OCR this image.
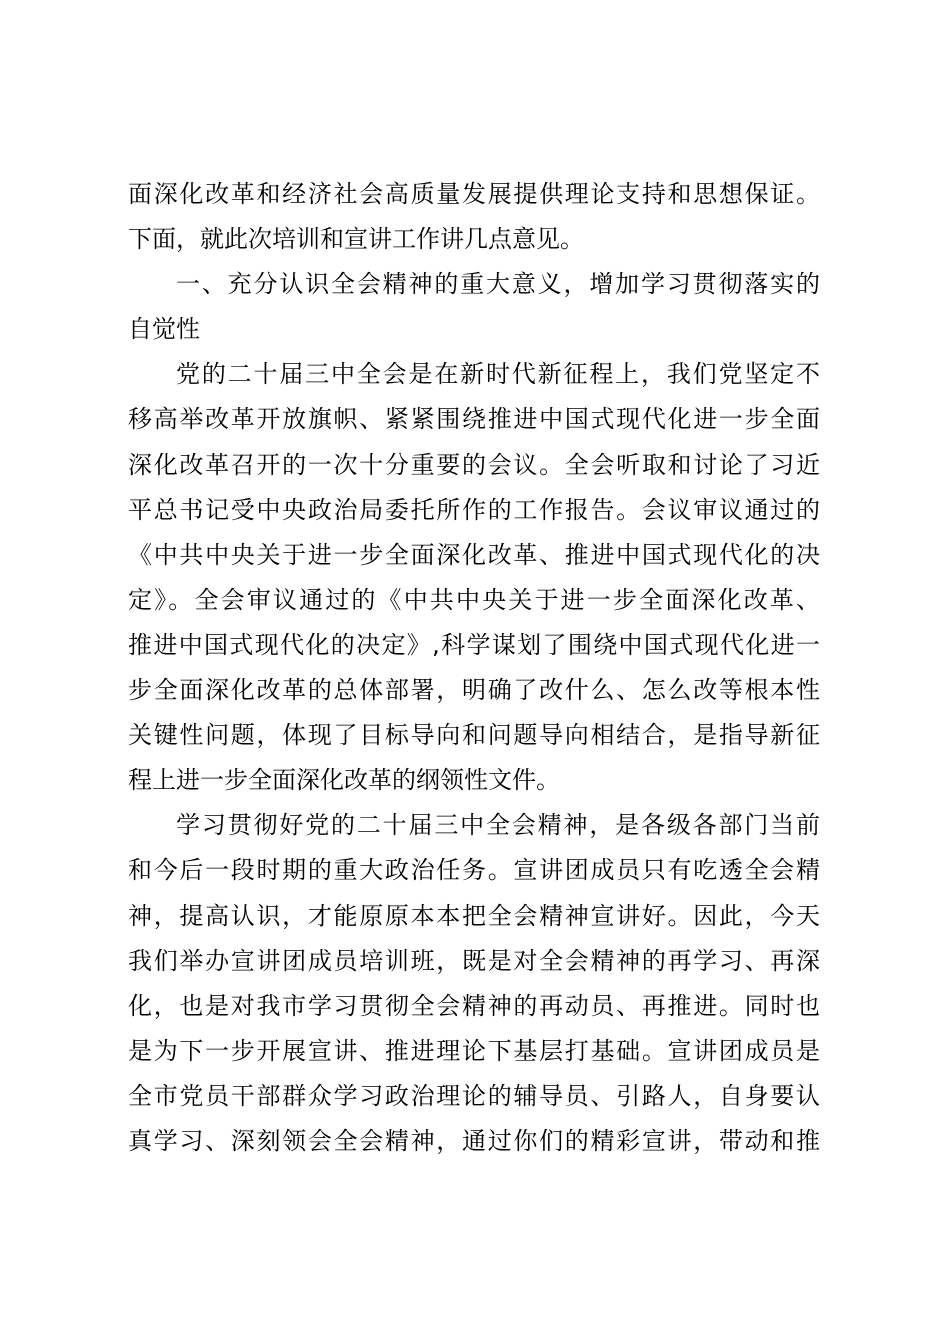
面深化改革和经济社会高质量发展提供理论支持和思想保证。
下面，就此次培训和宣讲工作讲几点意见。
一、充分认识全会精神的重大意义，增加学习贯彻落实的
自觉性
党的二十届三中全会是在新时代新征程上，我们党坚定不
移高举改革开放旗帜、紧紧围绕推进中国式现代化进一步全面
深化改革召开的一次十分重要的会议。全会听取和讨论了习近
平总书记受中央政治局委托所作的工作报告。会议审议通过的
《中共中央关于进一步全面深化改革、推进中国式现代化的决
定》。全会审议通过的《中共中央关于进一步全面深化改革、
推进中国式现代化的决定》,科学谋划了围绕中国式现代化进一
步全面深化改革的总体部署，明确了改什么、怎么改等根本性
关键性问题，体现了目标导向和问题导向相结合，是指导新征
程上进一步全面深化改革的纲领性文件。
学习贯彻好党的二十届三中全会精神，是各级各部门当前
和今后一段时期的重大政治任务。宣讲团成员只有吃透全会精
神，提高认识，才能原原本本把全会精神宣讲好。因此，今天
我们举办宣讲团成员培训班，既是对全会精神的再学习、再深
化，也是对我市学习贯彻全会精神的再动员、再推进。同时也
是为下一步开展宣讲、推进理论下基层打基础。宣讲团成员是
全市党员干部群众学习政治理论的辅导员、引路人，自身要认
真学习、深刻领会全会精神，通过你们的精彩宣讲，带动和推
